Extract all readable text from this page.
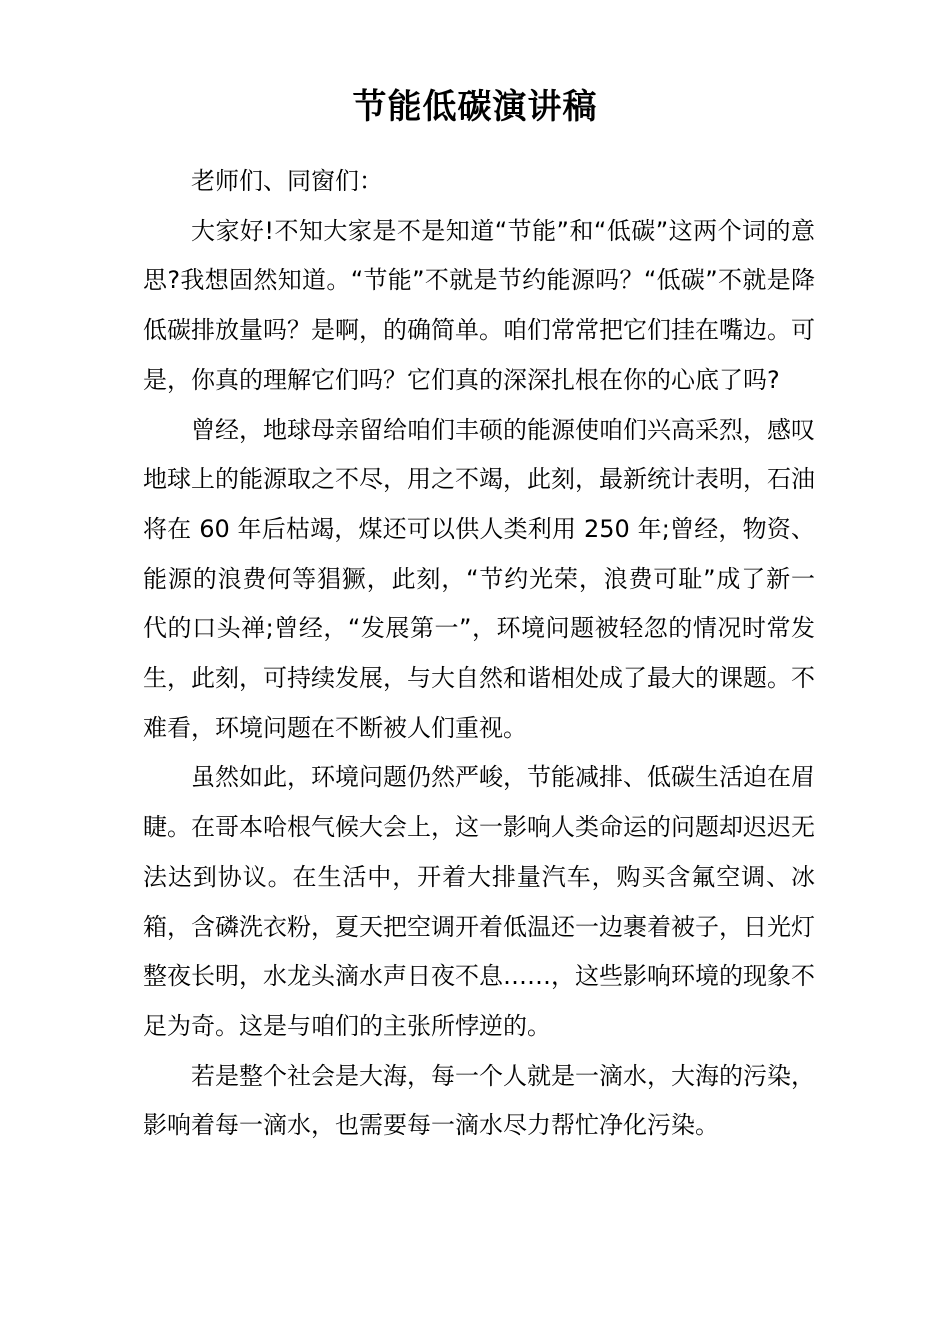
节能低碳演讲稿

老师们、同窗们：

大家好!不知大家是不是知道“节能”和“低碳”这两个词的意思?我想固然知道。“节能”不就是节约能源吗？“低碳”不就是降低碳排放量吗？是啊，的确简单。咱们常常把它们挂在嘴边。可是，你真的理解它们吗？它们真的深深扎根在你的心底了吗?

曾经，地球母亲留给咱们丰硕的能源使咱们兴高采烈，感叹地球上的能源取之不尽，用之不竭，此刻，最新统计表明，石油将在 60 年后枯竭，煤还可以供人类利用 250 年;曾经，物资、能源的浪费何等猖獗，此刻，“节约光荣，浪费可耻”成了新一代的口头禅;曾经，“发展第一”，环境问题被轻忽的情况时常发生，此刻，可持续发展，与大自然和谐相处成了最大的课题。不难看，环境问题在不断被人们重视。

虽然如此，环境问题仍然严峻，节能减排、低碳生活迫在眉睫。在哥本哈根气候大会上，这一影响人类命运的问题却迟迟无法达到协议。在生活中，开着大排量汽车，购买含氟空调、冰箱，含磷洗衣粉，夏天把空调开着低温还一边裹着被子，日光灯整夜长明，水龙头滴水声日夜不息……，这些影响环境的现象不足为奇。这是与咱们的主张所悖逆的。

若是整个社会是大海，每一个人就是一滴水，大海的污染，影响着每一滴水，也需要每一滴水尽力帮忙净化污染。
